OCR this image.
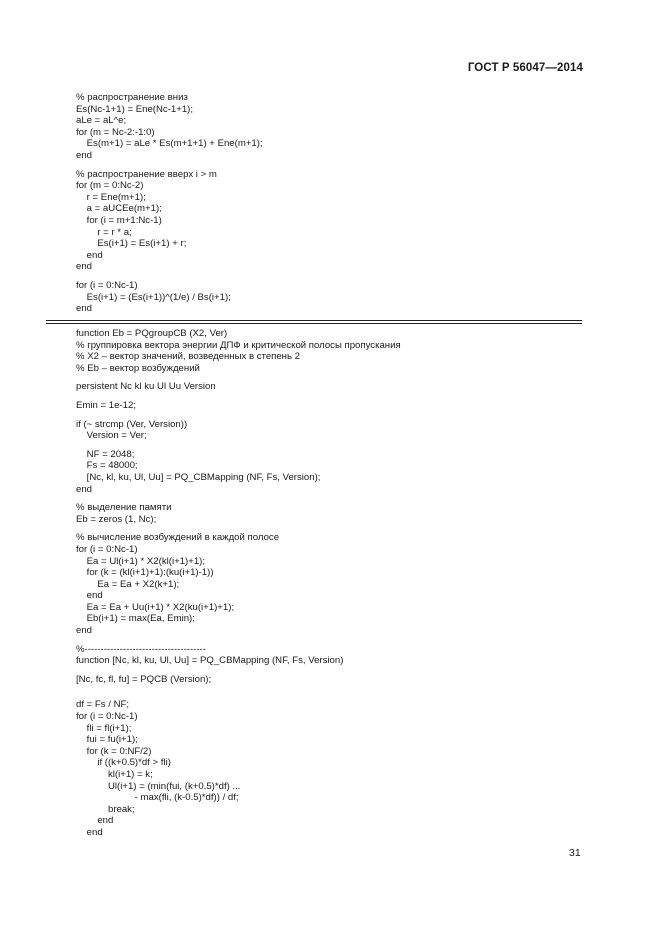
ГОСТ Р 56047—2014
% распространение вниз
Es(Nc-1+1) = Ene(Nc-1+1);
aLe = aL^e;
for (m = Nc-2:-1:0)
Es(m+1) = aLe * Es(m+1+1) + Ene(m+1);
end
% распространение вверх i > m
for (m = 0:Nc-2)
r = Ene(m+1);
a = aUCEe(m+1);
for (i = m+1:Nc-1)
r = r * a;
Es(i+1) = Es(i+1) + r;
end
end
for (i = 0:Nc-1)
Es(i+1) = (Es(i+1))^(1/e) / Bs(i+1);
end
function Eb = PQgroupCB (X2, Ver)
% группировка вектора энергии ДПФ и критической полосы пропускания
% X2 – вектор значений, возведенных в степень 2
% Eb – вектор возбуждений
persistent Nc kl ku Ul Uu Version
Emin = 1e-12;
if (~ strcmp (Ver, Version))
Version = Ver;
NF = 2048;
Fs = 48000;
[Nc, kl, ku, Ul, Uu] = PQ_CBMapping (NF, Fs, Version);
end
% выделение памяти
Eb = zeros (1, Nc);
% вычисление возбуждений в каждой полосе
for (i = 0:Nc-1)
Ea = Ul(i+1) * X2(kl(i+1)+1);
for (k = (kl(i+1)+1):(ku(i+1)-1))
Ea = Ea + X2(k+1);
end
Ea = Ea + Uu(i+1) * X2(ku(i+1)+1);
Eb(i+1) = max(Ea, Emin);
end
%--------------------------------------
function [Nc, kl, ku, Ul, Uu] = PQ_CBMapping (NF, Fs, Version)
[Nc, fc, fl, fu] = PQCB (Version);
df = Fs / NF;
for (i = 0:Nc-1)
fli = fl(i+1);
fui = fu(i+1);
for (k = 0:NF/2)
if ((k+0.5)*df > fli)
kl(i+1) = k;
Ul(i+1) = (min(fui, (k+0.5)*df) ...
- max(fli, (k-0.5)*df)) / df;
break;
end
end
31
